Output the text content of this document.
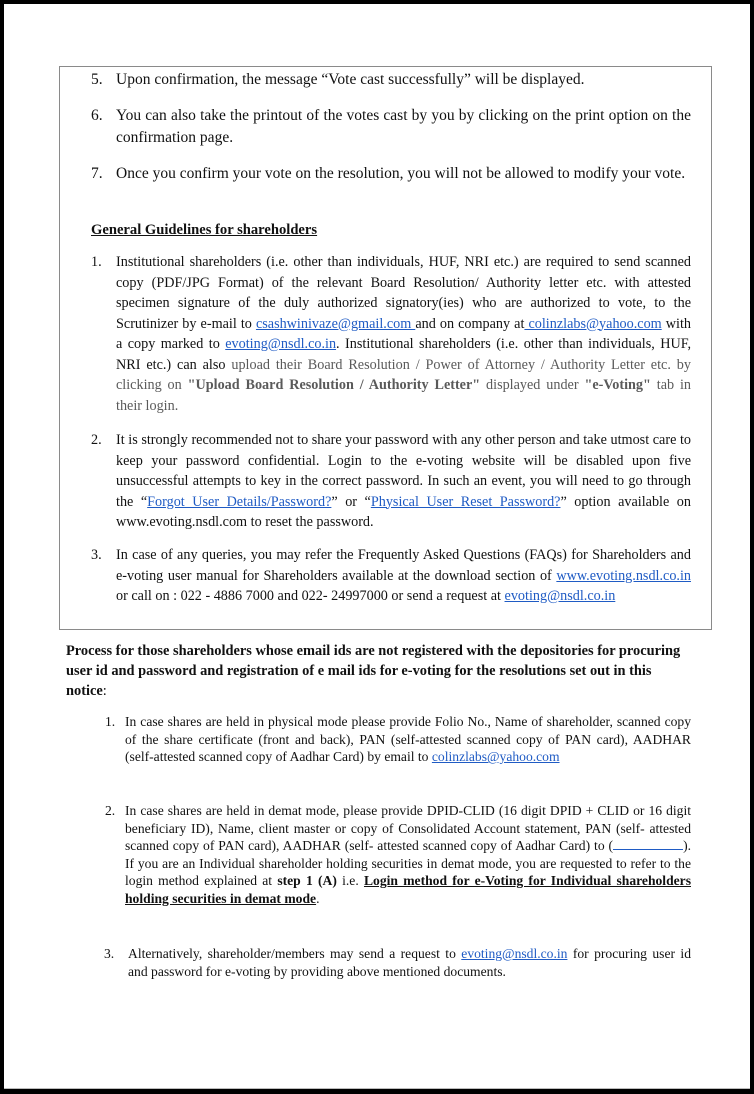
5. Upon confirmation, the message “Vote cast successfully” will be displayed.
6. You can also take the printout of the votes cast by you by clicking on the print option on the confirmation page.
7. Once you confirm your vote on the resolution, you will not be allowed to modify your vote.
General Guidelines for shareholders
1. Institutional shareholders (i.e. other than individuals, HUF, NRI etc.) are required to send scanned copy (PDF/JPG Format) of the relevant Board Resolution/ Authority letter etc. with attested specimen signature of the duly authorized signatory(ies) who are authorized to vote, to the Scrutinizer by e-mail to csashwinivaze@gmail.com and on company at colinzlabs@yahoo.com with a copy marked to evoting@nsdl.co.in. Institutional shareholders (i.e. other than individuals, HUF, NRI etc.) can also upload their Board Resolution / Power of Attorney / Authority Letter etc. by clicking on "Upload Board Resolution / Authority Letter" displayed under "e-Voting" tab in their login.
2. It is strongly recommended not to share your password with any other person and take utmost care to keep your password confidential. Login to the e-voting website will be disabled upon five unsuccessful attempts to key in the correct password. In such an event, you will need to go through the “Forgot User Details/Password?” or “Physical User Reset Password?” option available on www.evoting.nsdl.com to reset the password.
3. In case of any queries, you may refer the Frequently Asked Questions (FAQs) for Shareholders and e-voting user manual for Shareholders available at the download section of www.evoting.nsdl.co.in or call on : 022 - 4886 7000 and 022- 24997000 or send a request at evoting@nsdl.co.in
Process for those shareholders whose email ids are not registered with the depositories for procuring user id and password and registration of e mail ids for e-voting for the resolutions set out in this notice:
1. In case shares are held in physical mode please provide Folio No., Name of shareholder, scanned copy of the share certificate (front and back), PAN (self-attested scanned copy of PAN card), AADHAR (self-attested scanned copy of Aadhar Card) by email to colinzlabs@yahoo.com
2. In case shares are held in demat mode, please provide DPID-CLID (16 digit DPID + CLID or 16 digit beneficiary ID), Name, client master or copy of Consolidated Account statement, PAN (self- attested scanned copy of PAN card), AADHAR (self- attested scanned copy of Aadhar Card) to (	). If you are an Individual shareholder holding securities in demat mode, you are requested to refer to the login method explained at step 1 (A) i.e. Login method for e-Voting for Individual shareholders holding securities in demat mode.
3. Alternatively, shareholder/members may send a request to evoting@nsdl.co.in for procuring user id and password for e-voting by providing above mentioned documents.
